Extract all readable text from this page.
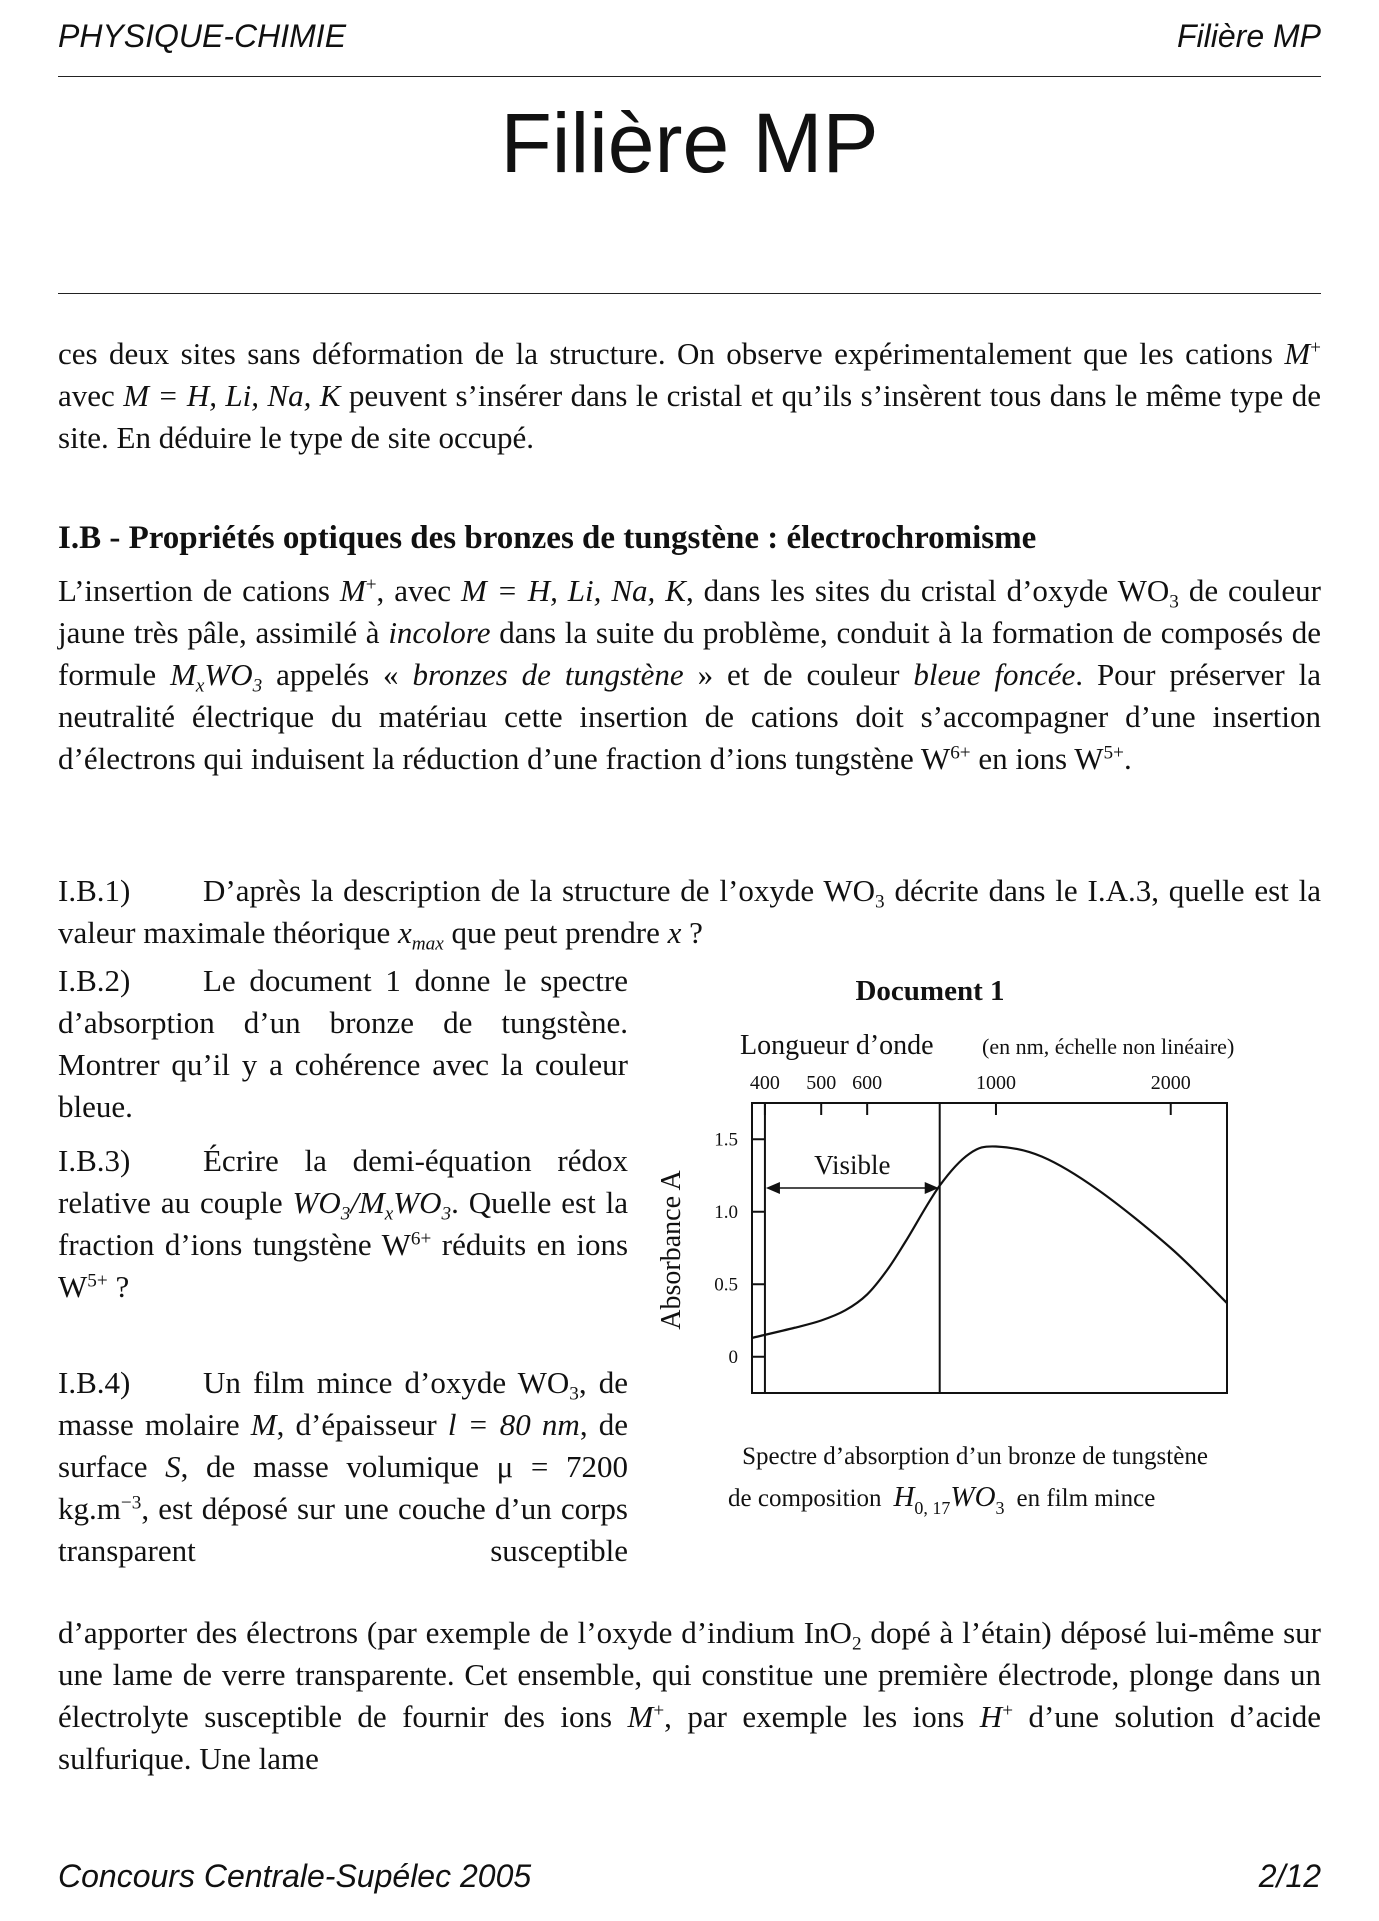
PHYSIQUE-CHIMIE	Filière MP
Filière MP

ces deux sites sans déformation de la structure. On observe expérimentalement que les cations M+ avec M = H, Li, Na, K peuvent s’insérer dans le cristal et qu’ils s’insèrent tous dans le même type de site. En déduire le type de site occupé.

I.B - Propriétés optiques des bronzes de tungstène : électrochromisme

L’insertion de cations M+, avec M = H, Li, Na, K, dans les sites du cristal d’oxyde $WO_3$ de couleur jaune très pâle, assimilé à incolore dans la suite du problème, conduit à la formation de composés de formule $M_xWO_3$ appelés « bronzes de tungstène » et de couleur bleue foncée. Pour préserver la neutralité électrique du matériau cette insertion de cations doit s’accompagner d’une insertion d’électrons qui induisent la réduction d’une fraction d’ions tungstène $W^{6+}$ en ions $W^{5+}$.

I.B.1) D’après la description de la structure de l’oxyde $WO_3$ décrite dans le I.A.3, quelle est la valeur maximale théorique $x_{max}$ que peut prendre x ?

I.B.2) Le document 1 donne le spectre d’absorption d’un bronze de tungstène. Montrer qu’il y a cohérence avec la couleur bleue.

I.B.3) Écrire la demi-équation rédox relative au couple $WO_3/M_xWO_3$. Quelle est la fraction d’ions tungstène $W^{6+}$ réduits en ions $W^{5+}$ ?

I.B.4) Un film mince d’oxyde $WO_3$, de masse molaire M, d’épaisseur l = 80 nm, de surface S, de masse volumique μ = 7200 $kg.m^{-3}$, est déposé sur une couche d’un corps transparent susceptible

d’apporter des électrons (par exemple de l’oxyde d’indium InO$_2$ dopé à l’étain) déposé lui-même sur une lame de verre transparente. Cet ensemble, qui constitue une première électrode, plonge dans un électrolyte susceptible de fournir des ions M+, par exemple les ions H+ d’une solution d’acide sulfurique. Une lame

Document 1
Longueur d’onde (en nm, échelle non linéaire)
400 500 600	1000	2000
0
0.5
1.0
1.5
Visible
Absorbance A
Spectre d’absorption d’un bronze de tungstène
de composition $H_{0, 17}WO_3$ en film mince
Concours Centrale-Supélec 2005	2/12
